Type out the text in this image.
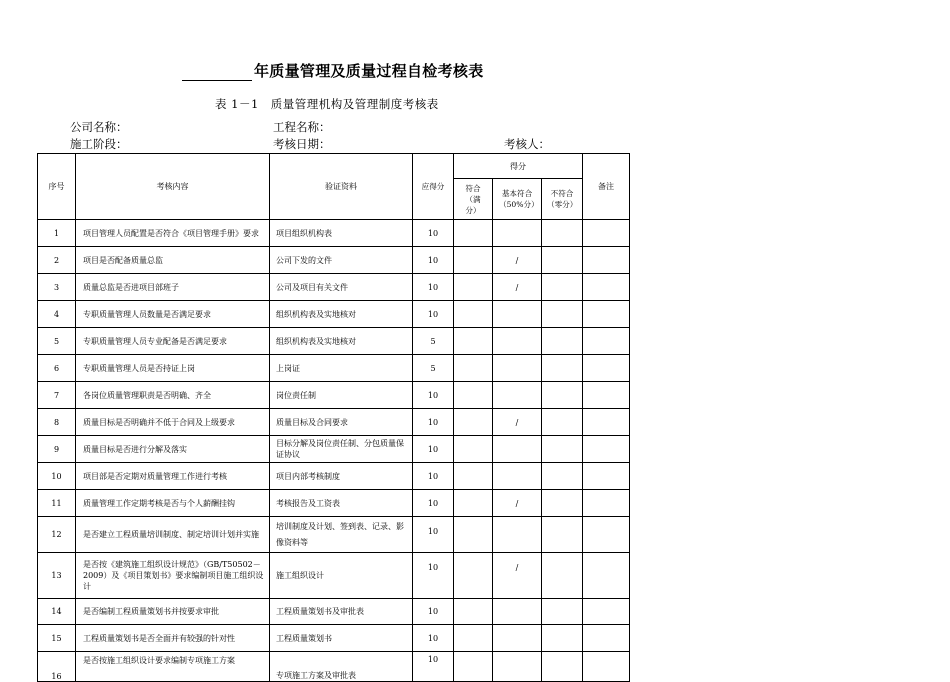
年质量管理及质量过程自检考核表
表 1－1　质量管理机构及管理制度考核表
公司名称：	工程名称：
施工阶段：	考核日期：	考核人：
序号	考核内容	验证资料	应得分	得分			备注
				符合（满分）	基本符合（50%分）	不符合（零分）	
1	项目管理人员配置是否符合《项目管理手册》要求	项目组织机构表	10				
2	项目是否配备质量总监	公司下发的文件	10		/		
3	质量总监是否进项目部班子	公司及项目有关文件	10		/		
4	专职质量管理人员数量是否满足要求	组织机构表及实地核对	10				
5	专职质量管理人员专业配备是否满足要求	组织机构表及实地核对	5				
6	专职质量管理人员是否持证上岗	上岗证	5				
7	各岗位质量管理职责是否明确、齐全	岗位责任制	10				
8	质量目标是否明确并不低于合同及上级要求	质量目标及合同要求	10		/		
9	质量目标是否进行分解及落实	目标分解及岗位责任制、分包质量保证协议	10				
10	项目部是否定期对质量管理工作进行考核	项目内部考核制度	10				
11	质量管理工作定期考核是否与个人薪酬挂钩	考核报告及工资表	10		/		
12	是否建立工程质量培训制度、制定培训计划并实施	培训制度及计划、签到表、记录、影像资料等	10				
13	是否按《建筑施工组织设计规范》（GB/T50502－2009）及《项目策划书》要求编制项目施工组织设计	施工组织设计	10		/		
14	是否编制工程质量策划书并按要求审批	工程质量策划书及审批表	10				
15	工程质量策划书是否全面并有较强的针对性	工程质量策划书	10				
16	是否按施工组织设计要求编制专项施工方案	专项施工方案及审批表	10				
